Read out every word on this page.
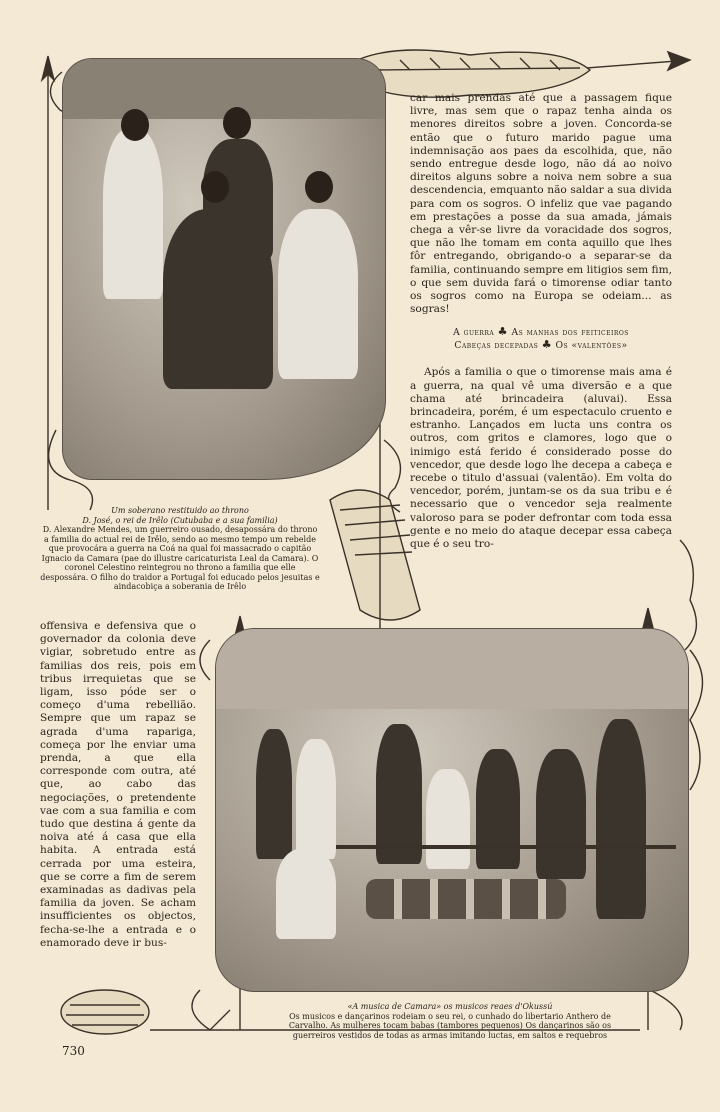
Um soberano restituido ao throno
D. José, o rei de Irêlo (Cutubaba e a sua familia)
D. Alexandre Mendes, um guerreiro ousado, desapossára do throno a familia do actual rei de Irêlo, sendo ao mesmo tempo um rebelde que provocára a guerra na Coá na qual foi massacrado o capitão Ignacio da Camara (pae do illustre caricaturista Leal da Camara). O coronel Celestino reintegrou no throno a familia que elle despossára. O filho do traidor a Portugal foi educado pelos jesuitas e aindacobiça a soberania de Irêlo

car mais prendas até que a passagem fique livre, mas sem que o rapaz tenha ainda os menores direitos sobre a joven. Concorda-se então que o futuro marido pague uma indemnisação aos paes da escolhida, que, não sendo entregue desde logo, não dá ao noivo direitos alguns sobre a noiva nem sobre a sua descendencia, emquanto não saldar a sua divida para com os sogros. O infeliz que vae pagando em prestações a posse da sua amada, jámais chega a vêr-se livre da voracidade dos sogros, que não lhe tomam em conta aquillo que lhes fôr entregando, obrigando-o a separar-se da familia, continuando sempre em litigios sem fim, o que sem duvida fará o timorense odiar tanto os sogros como na Europa se odeiam... as sogras!

A guerra ♣ As manhas dos feiticeiros
Cabeças decepadas ♣ Os «valentões»

Após a familia o que o timorense mais ama é a guerra, na qual vê uma diversão e a que chama até brincadeira (aluvai). Essa brincadeira, porém, é um espectaculo cruento e estranho. Lançados em lucta uns contra os outros, com gritos e clamores, logo que o inimigo está ferido é considerado posse do vencedor, que desde logo lhe decepa a cabeça e recebe o titulo d'assuai (valentão). Em volta do vencedor, porém, juntam-se os da sua tribu e é necessario que o vencedor seja realmente valoroso para se poder defrontar com toda essa gente e no meio do ataque decepar essa cabeça que é o seu tro-

offensiva e defensiva que o governador da colonia deve vigiar, sobretudo entre as familias dos reis, pois em tribus irrequietas que se ligam, isso póde ser o começo d'uma rebellião. Sempre que um rapaz se agrada d'uma rapariga, começa por lhe enviar uma prenda, a que ella corresponde com outra, até que, ao cabo das negociações, o pretendente vae com a sua familia e com tudo que destina á gente da noiva até á casa que ella habita. A entrada está cerrada por uma esteira, que se corre a fim de serem examinadas as dadivas pela familia da joven. Se acham insufficientes os objectos, fecha-se-lhe a entrada e o enamorado deve ir bus-

«A musica de Camara» os musicos reaes d'Okussú
Os musicos e dançarinos rodeiam o seu rei, o cunhado do libertario Anthero de Carvalho. As mulheres tocam babas (tambores pequenos) Os dançarinos são os guerreiros vestidos de todas as armas imitando luctas, em saltos e requebros
730
